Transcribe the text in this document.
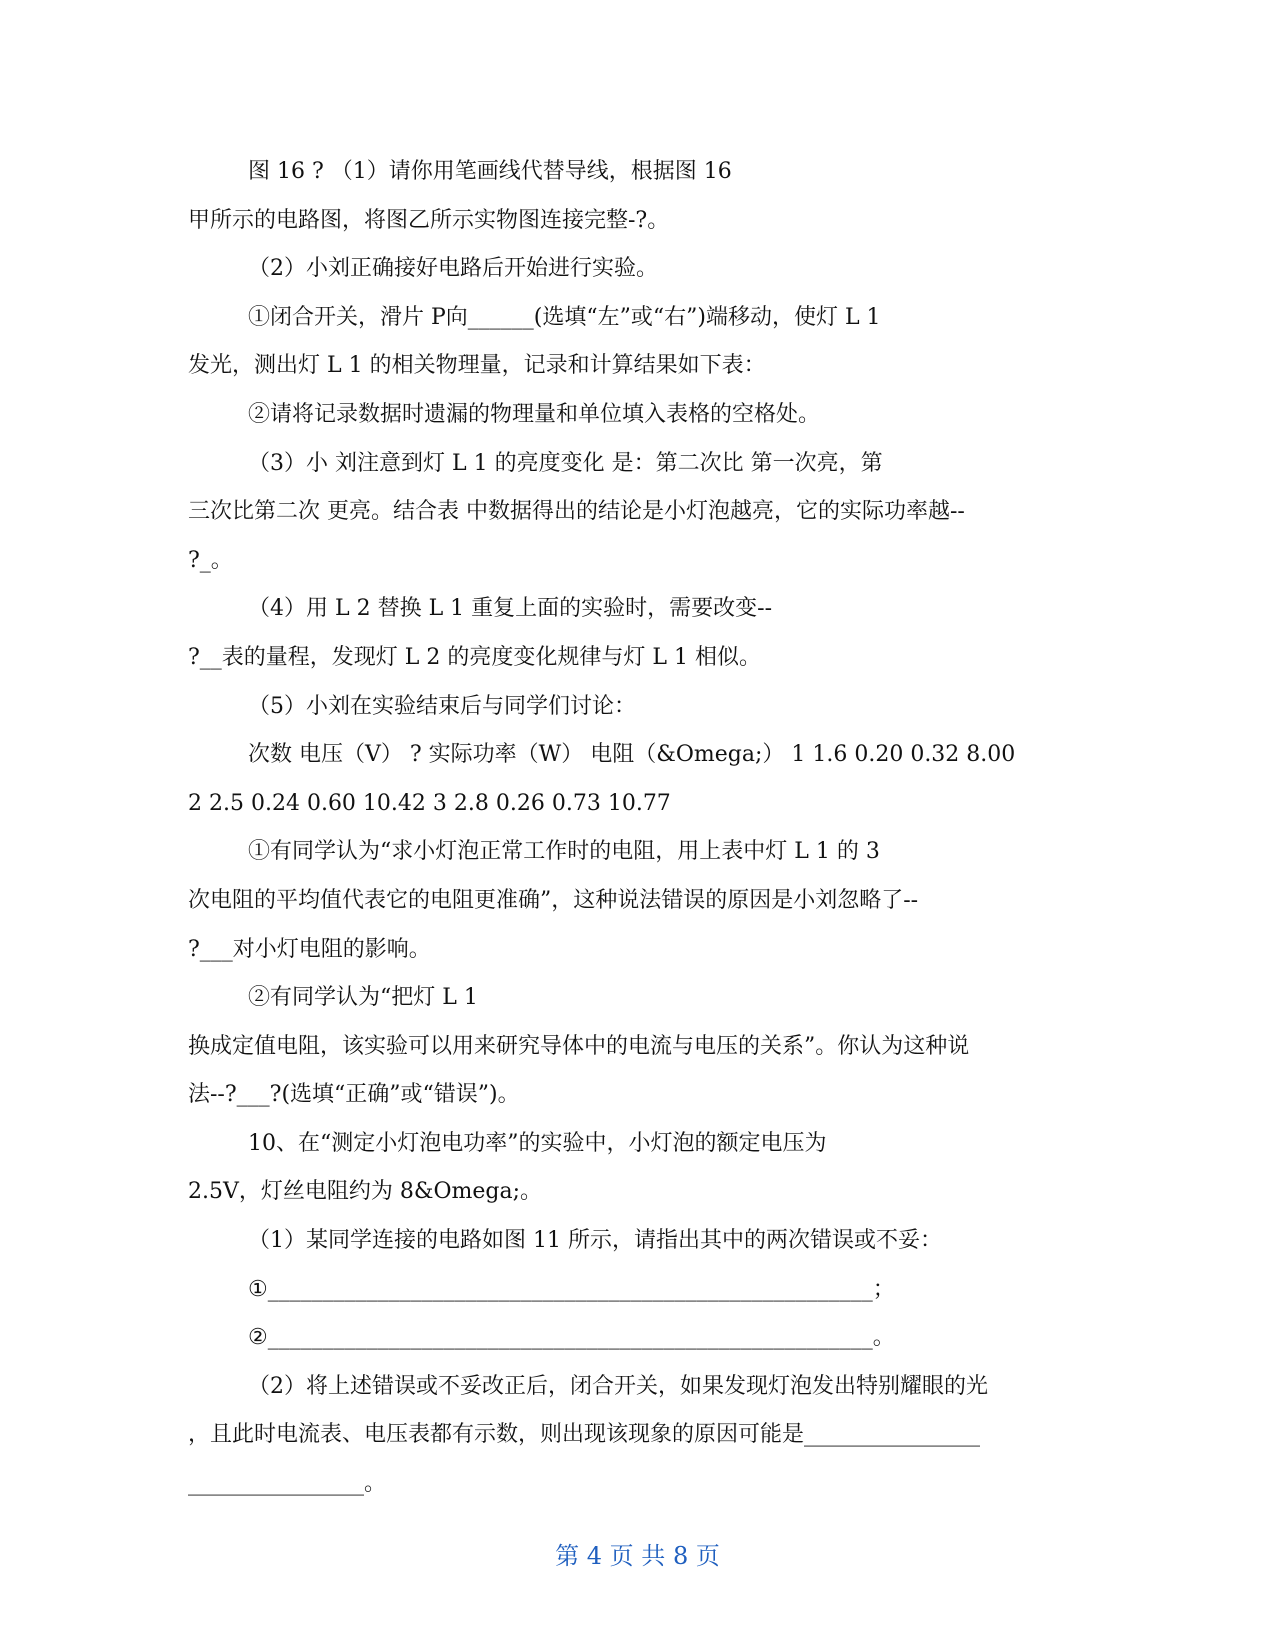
图 16 ? （1）请你用笔画线代替导线，根据图 16
甲所示的电路图，将图乙所示实物图连接完整-?。
（2）小刘正确接好电路后开始进行实验。
①闭合开关，滑片 P向______(选填“左”或“右”)端移动，使灯 L 1
发光，测出灯 L 1 的相关物理量，记录和计算结果如下表：
②请将记录数据时遗漏的物理量和单位填入表格的空格处。
（3）小 刘注意到灯 L 1 的亮度变化 是：第二次比 第一次亮，第
三次比第二次 更亮。结合表 中数据得出的结论是小灯泡越亮，它的实际功率越--
?_。
（4）用 L 2 替换 L 1 重复上面的实验时，需要改变--
?__表的量程，发现灯 L 2 的亮度变化规律与灯 L 1 相似。
（5）小刘在实验结束后与同学们讨论：
次数 电压（V） ? 实际功率（W） 电阻（&Omega;） 1 1.6 0.20 0.32 8.00
2 2.5 0.24 0.60 10.42 3 2.8 0.26 0.73 10.77
①有同学认为“求小灯泡正常工作时的电阻，用上表中灯 L 1 的 3
次电阻的平均值代表它的电阻更准确”，这种说法错误的原因是小刘忽略了--
?___对小灯电阻的影响。
②有同学认为“把灯 L 1
换成定值电阻，该实验可以用来研究导体中的电流与电压的关系”。你认为这种说
法--?___?(选填“正确”或“错误”)。
10、在“测定小灯泡电功率”的实验中，小灯泡的额定电压为
2.5V，灯丝电阻约为 8&Omega;。
（1）某同学连接的电路如图 11 所示，请指出其中的两次错误或不妥：
①_______________________________________________________；
②_______________________________________________________。
（2）将上述错误或不妥改正后，闭合开关，如果发现灯泡发出特别耀眼的光
，且此时电流表、电压表都有示数，则出现该现象的原因可能是________________
________________。
第 4 页 共 8 页
